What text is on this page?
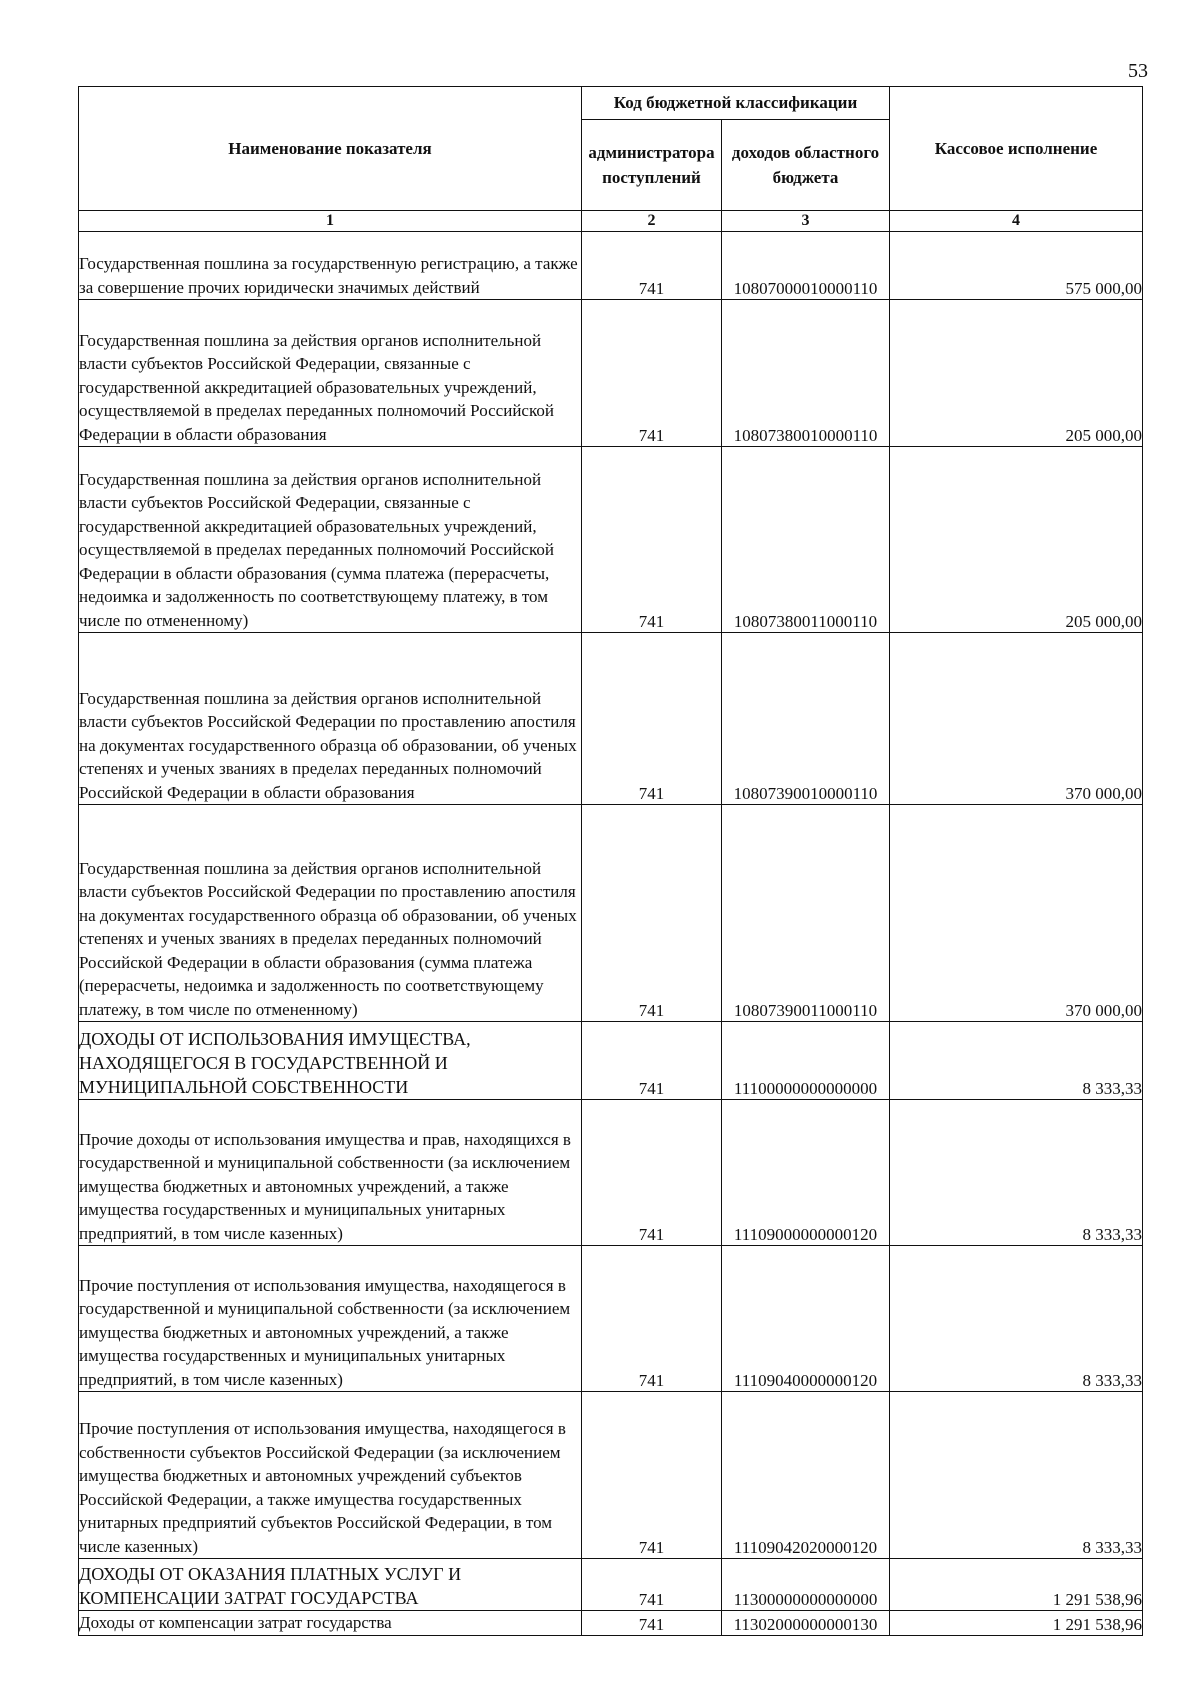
53
Наименование показателя	Код бюджетной классификации		Кассовое исполнение
	администратора поступлений	доходов областного бюджета	
1	2	3	4
Государственная пошлина за государственную регистрацию, а также за совершение прочих юридически значимых действий	741	10807000010000110	575 000,00
Государственная пошлина за действия органов исполнительной власти субъектов Российской Федерации, связанные с государственной аккредитацией образовательных учреждений, осуществляемой в пределах переданных полномочий Российской Федерации в области образования	741	10807380010000110	205 000,00
Государственная пошлина за действия органов исполнительной власти субъектов Российской Федерации, связанные с государственной аккредитацией образовательных учреждений, осуществляемой в пределах переданных полномочий Российской Федерации в области образования (сумма платежа (перерасчеты, недоимка и задолженность по соответствующему платежу, в том числе по отмененному)	741	10807380011000110	205 000,00
Государственная пошлина за действия органов исполнительной власти субъектов Российской Федерации по проставлению апостиля на документах государственного образца об образовании, об ученых степенях и ученых званиях в пределах переданных полномочий Российской Федерации в области образования	741	10807390010000110	370 000,00
Государственная пошлина за действия органов исполнительной власти субъектов Российской Федерации по проставлению апостиля на документах государственного образца об образовании, об ученых степенях и ученых званиях в пределах переданных полномочий Российской Федерации в области образования (сумма платежа (перерасчеты, недоимка и задолженность по соответствующему платежу, в том числе по отмененному)	741	10807390011000110	370 000,00
ДОХОДЫ ОТ ИСПОЛЬЗОВАНИЯ ИМУЩЕСТВА, НАХОДЯЩЕГОСЯ В ГОСУДАРСТВЕННОЙ И МУНИЦИПАЛЬНОЙ СОБСТВЕННОСТИ	741	11100000000000000	8 333,33
Прочие доходы от использования имущества и прав, находящихся в государственной и муниципальной собственности (за исключением имущества бюджетных и автономных учреждений, а также имущества государственных и муниципальных унитарных предприятий, в том числе казенных)	741	11109000000000120	8 333,33
Прочие поступления от использования имущества, находящегося в государственной и муниципальной собственности (за исключением имущества бюджетных и автономных учреждений, а также имущества государственных и муниципальных унитарных предприятий, в том числе казенных)	741	11109040000000120	8 333,33
Прочие поступления от использования имущества, находящегося в собственности субъектов Российской Федерации (за исключением имущества бюджетных и автономных учреждений субъектов Российской Федерации, а также имущества государственных унитарных предприятий субъектов Российской Федерации, в том числе казенных)	741	11109042020000120	8 333,33
ДОХОДЫ ОТ ОКАЗАНИЯ ПЛАТНЫХ УСЛУГ И КОМПЕНСАЦИИ ЗАТРАТ ГОСУДАРСТВА	741	11300000000000000	1 291 538,96
Доходы от компенсации затрат государства	741	11302000000000130	1 291 538,96
